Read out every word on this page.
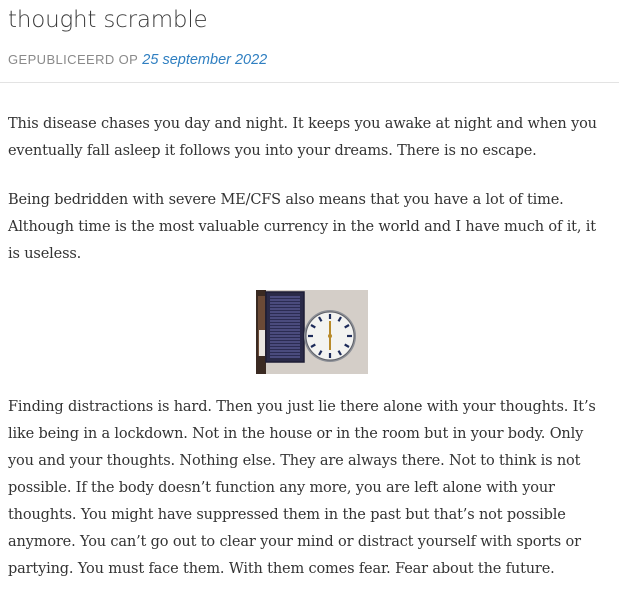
thought scramble
GEPUBLICEERD OP 25 september 2022

This disease chases you day and night. It keeps you awake at night and when you eventually fall asleep it follows you into your dreams. There is no escape.

Being bedridden with severe ME/CFS also means that you have a lot of time. Although time is the most valuable currency in the world and I have much of it, it is useless.

Finding distractions is hard. Then you just lie there alone with your thoughts. It’s like being in a lockdown. Not in the house or in the room but in your body. Only you and your thoughts. Nothing else. They are always there. Not to think is not possible. If the body doesn’t function any more, you are left alone with your thoughts. You might have suppressed them in the past but that’s not possible anymore. You can’t go out to clear your mind or distract yourself with sports or partying. You must face them. With them comes fear. Fear about the future.
